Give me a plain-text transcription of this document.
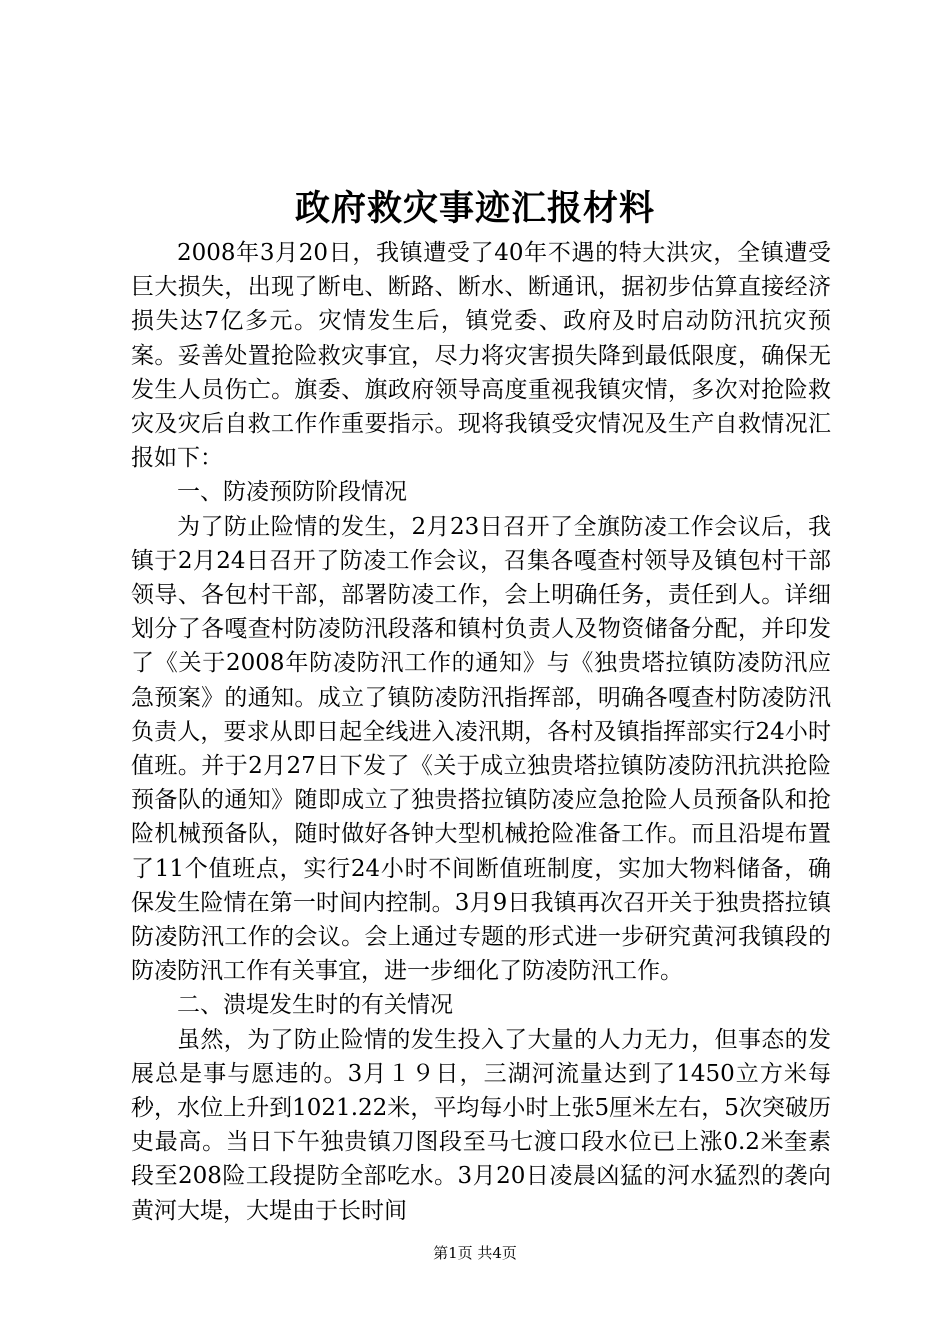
政府救灾事迹汇报材料

2008年3月20日，我镇遭受了40年不遇的特大洪灾，全镇遭受巨大损失，出现了断电、断路、断水、断通讯，据初步估算直接经济损失达7亿多元。灾情发生后，镇党委、政府及时启动防汛抗灾预案。妥善处置抢险救灾事宜，尽力将灾害损失降到最低限度，确保无发生人员伤亡。旗委、旗政府领导高度重视我镇灾情，多次对抢险救灾及灾后自救工作作重要指示。现将我镇受灾情况及生产自救情况汇报如下：

一、防凌预防阶段情况

为了防止险情的发生，2月23日召开了全旗防凌工作会议后，我镇于2月24日召开了防凌工作会议，召集各嘎查村领导及镇包村干部领导、各包村干部，部署防凌工作，会上明确任务，责任到人。详细划分了各嘎查村防凌防汛段落和镇村负责人及物资储备分配，并印发了《关于2008年防凌防汛工作的通知》与《独贵塔拉镇防凌防汛应急预案》的通知。成立了镇防凌防汛指挥部，明确各嘎查村防凌防汛负责人，要求从即日起全线进入凌汛期，各村及镇指挥部实行24小时值班。并于2月27日下发了《关于成立独贵塔拉镇防凌防汛抗洪抢险预备队的通知》随即成立了独贵搭拉镇防凌应急抢险人员预备队和抢险机械预备队，随时做好各钟大型机械抢险准备工作。而且沿堤布置了11个值班点，实行24小时不间断值班制度，实加大物料储备，确保发生险情在第一时间内控制。3月9日我镇再次召开关于独贵搭拉镇防凌防汛工作的会议。会上通过专题的形式进一步研究黄河我镇段的防凌防汛工作有关事宜，进一步细化了防凌防汛工作。

二、溃堤发生时的有关情况

虽然，为了防止险情的发生投入了大量的人力无力，但事态的发展总是事与愿违的。3月１９日，三湖河流量达到了1450立方米每秒，水位上升到1021.22米，平均每小时上张5厘米左右，5次突破历史最高。当日下午独贵镇刀图段至马七渡口段水位已上涨0.2米奎素段至208险工段提防全部吃水。3月20日凌晨凶猛的河水猛烈的袭向黄河大堤，大堤由于长时间

第1页 共4页
